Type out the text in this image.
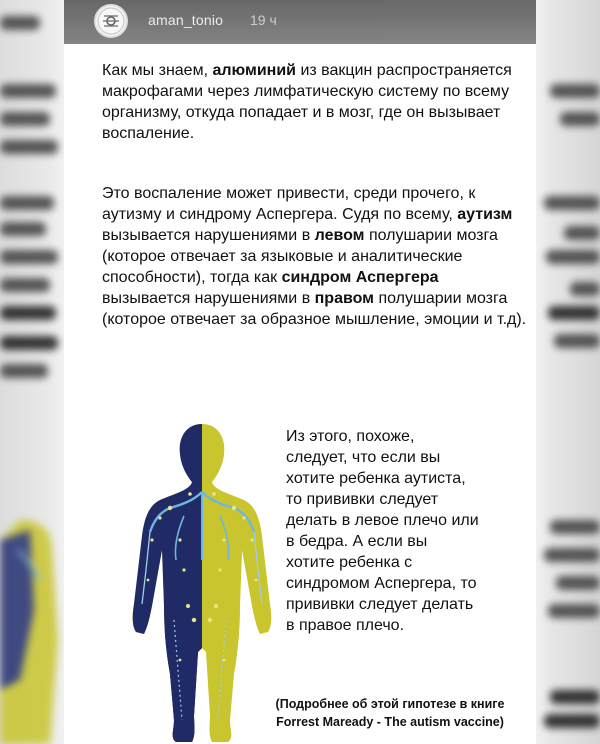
aman_tonio 19 ч

Как мы знаем, алюминий из вакцин распространяется макрофагами через лимфатическую систему по всему организму, откуда попадает и в мозг, где он вызывает воспаление.

Это воспаление может привести, среди прочего, к аутизму и синдрому Аспергера. Судя по всему, аутизм вызывается нарушениями в левом полушарии мозга (которое отвечает за языковые и аналитические способности), тогда как синдром Аспергера вызывается нарушениями в правом полушарии мозга (которое отвечает за образное мышление, эмоции и т.д).

Из этого, похоже,
следует, что если вы
хотите ребенка аутиста,
то прививки следует
делать в левое плечо или
в бедра. А если вы
хотите ребенка с
синдромом Аспергера, то
прививки следует делать
в правое плечо.

(Подробнее об этой гипотезе в книге
Forrest Maready - The autism vaccine)
